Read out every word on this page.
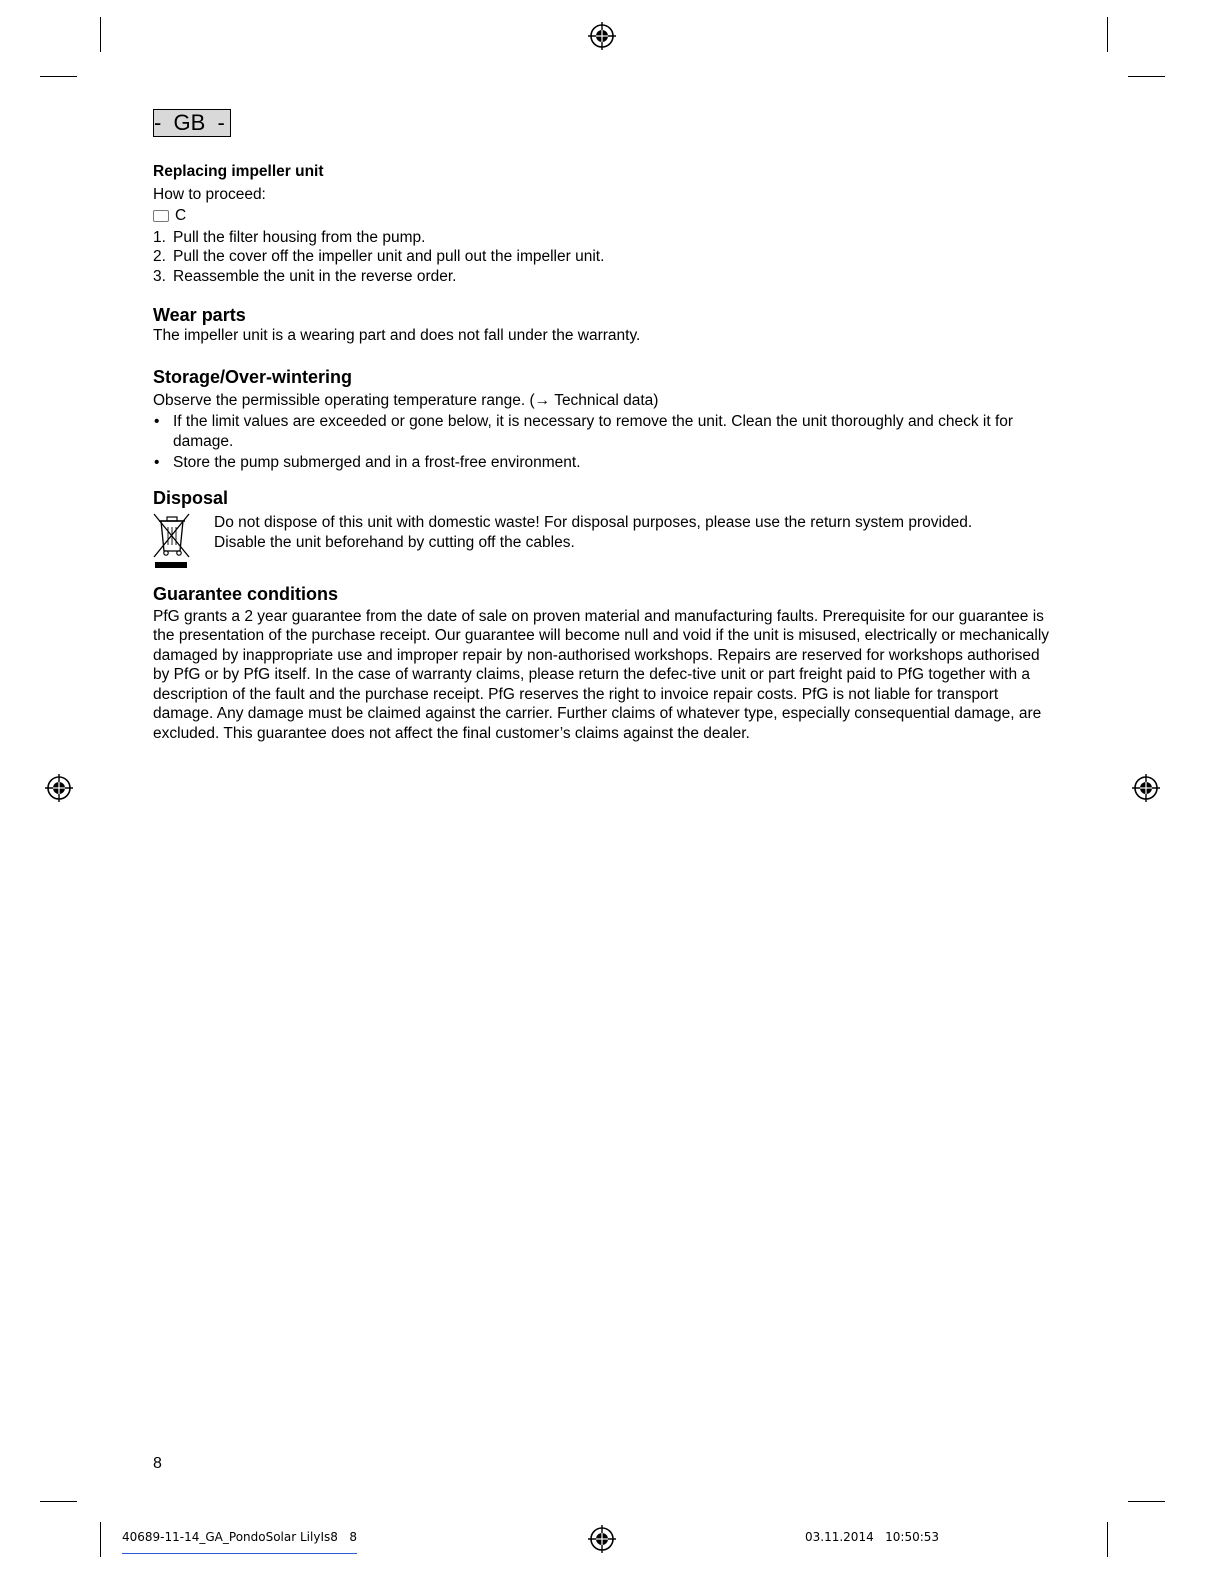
-  GB  -

Replacing impeller unit

How to proceed:

C
1. Pull the filter housing from the pump.
2. Pull the cover off the impeller unit and pull out the impeller unit.
3. Reassemble the unit in the reverse order.

Wear parts

The impeller unit is a wearing part and does not fall under the warranty.

Storage/Over-wintering

Observe the permissible operating temperature range. (→ Technical data)

• If the limit values are exceeded or gone below, it is necessary to remove the unit. Clean the unit thoroughly and check it for damage.
• Store the pump submerged and in a frost-free environment.

Disposal

Do not dispose of this unit with domestic waste! For disposal purposes, please use the return system provided.

Disable the unit beforehand by cutting off the cables.

Guarantee conditions

PfG grants a 2 year guarantee from the date of sale on proven material and manufacturing faults. Prerequisite for our guarantee is the presentation of the purchase receipt. Our guarantee will become null and void if the unit is misused, electrically or mechanically damaged by inappropriate use and improper repair by non-authorised workshops. Repairs are reserved for workshops authorised by PfG or by PfG itself. In the case of warranty claims, please return the defec-tive unit or part freight paid to PfG together with a description of the fault and the purchase receipt. PfG reserves the right to invoice repair costs. PfG is not liable for transport damage. Any damage must be claimed against the carrier. Further claims of whatever type, especially consequential damage, are excluded. This guarantee does not affect the final customer’s claims against the dealer.

8
40689-11-14_GA_PondoSolar LilyIs8   8	03.11.2014   10:50:53
